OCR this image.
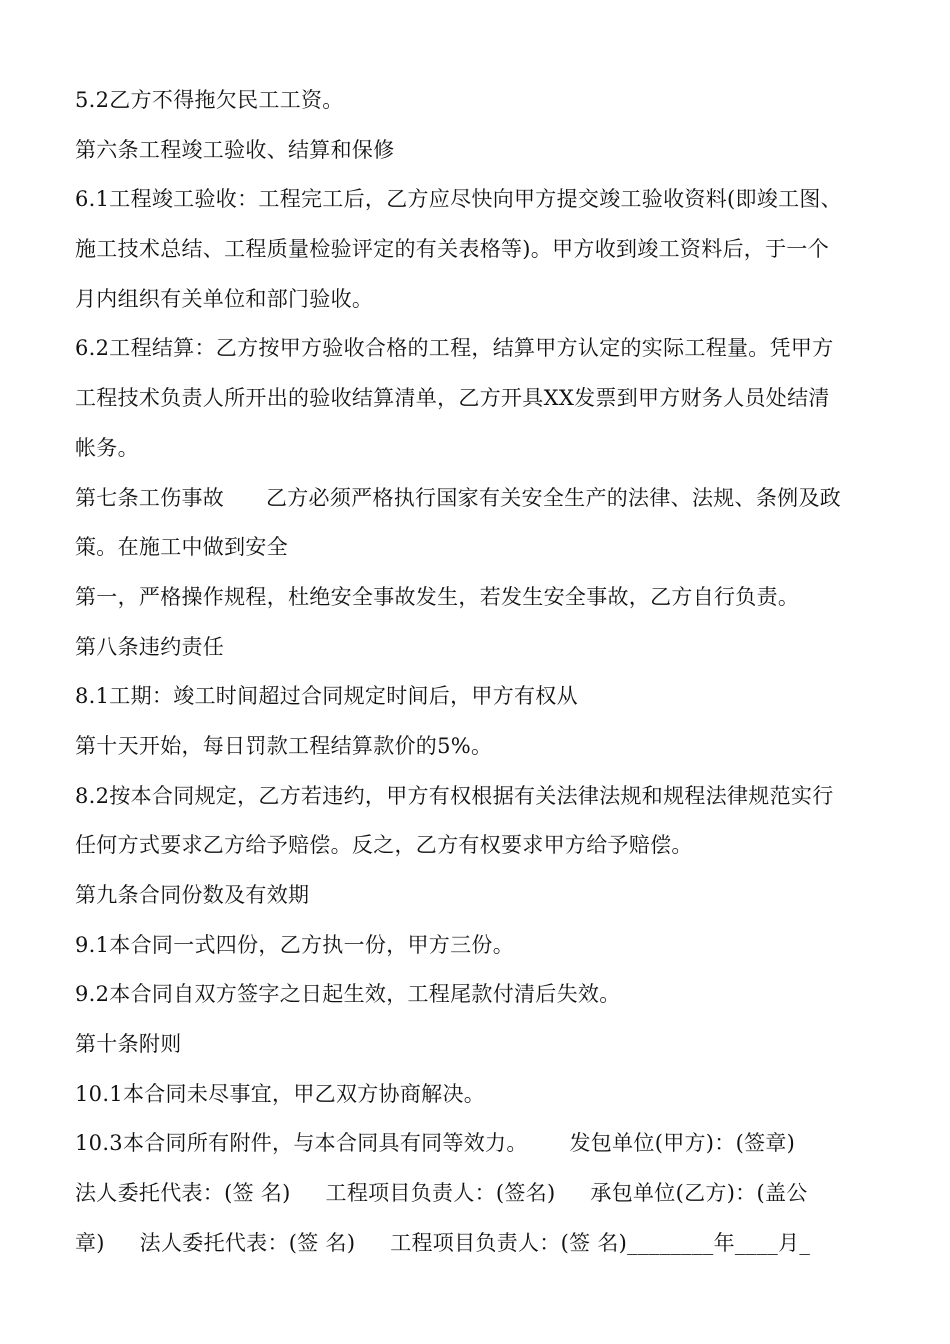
5.2乙方不得拖欠民工工资。
第六条工程竣工验收、结算和保修
6.1工程竣工验收：工程完工后，乙方应尽快向甲方提交竣工验收资料(即竣工图、
施工技术总结、工程质量检验评定的有关表格等)。甲方收到竣工资料后，于一个
月内组织有关单位和部门验收。
6.2工程结算：乙方按甲方验收合格的工程，结算甲方认定的实际工程量。凭甲方
工程技术负责人所开出的验收结算清单，乙方开具XX发票到甲方财务人员处结清
帐务。
第七条工伤事故      乙方必须严格执行国家有关安全生产的法律、法规、条例及政
策。在施工中做到安全
第一，严格操作规程，杜绝安全事故发生，若发生安全事故，乙方自行负责。
第八条违约责任
8.1工期：竣工时间超过合同规定时间后，甲方有权从
第十天开始，每日罚款工程结算款价的5%。
8.2按本合同规定，乙方若违约，甲方有权根据有关法律法规和规程法律规范实行
任何方式要求乙方给予赔偿。反之，乙方有权要求甲方给予赔偿。
第九条合同份数及有效期
9.1本合同一式四份，乙方执一份，甲方三份。
9.2本合同自双方签字之日起生效，工程尾款付清后失效。
第十条附则
10.1本合同未尽事宜，甲乙双方协商解决。
10.3本合同所有附件，与本合同具有同等效力。      发包单位(甲方)：(签章)
法人委托代表：(签 名)     工程项目负责人：(签名)     承包单位(乙方)：(盖公
章)     法人委托代表：(签 名)     工程项目负责人：(签 名)________年____月_
